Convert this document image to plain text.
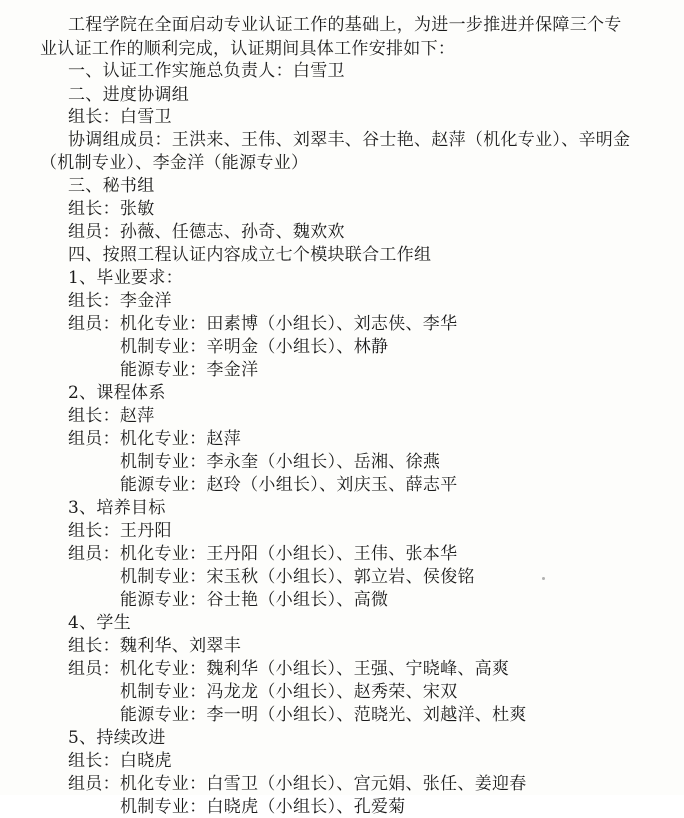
工程学院在全面启动专业认证工作的基础上，为进一步推进并保障三个专
业认证工作的顺利完成，认证期间具体工作安排如下：
一、认证工作实施总负责人：白雪卫
二、进度协调组
组长：白雪卫
协调组成员：王洪来、王伟、刘翠丰、谷士艳、赵萍（机化专业）、辛明金
（机制专业）、李金洋（能源专业）
三、秘书组
组长：张敏
组员：孙薇、任德志、孙奇、魏欢欢
四、按照工程认证内容成立七个模块联合工作组
1、毕业要求：
组长：李金洋
组员：机化专业：田素博（小组长）、刘志侠、李华
机制专业：辛明金（小组长）、林静
能源专业：李金洋
2、课程体系
组长：赵萍
组员：机化专业：赵萍
机制专业：李永奎（小组长）、岳湘、徐燕
能源专业：赵玲（小组长）、刘庆玉、薛志平
3、培养目标
组长：王丹阳
组员：机化专业：王丹阳（小组长）、王伟、张本华
机制专业：宋玉秋（小组长）、郭立岩、侯俊铭
能源专业：谷士艳（小组长）、高微
4、学生
组长：魏利华、刘翠丰
组员：机化专业：魏利华（小组长）、王强、宁晓峰、高爽
机制专业：冯龙龙（小组长）、赵秀荣、宋双
能源专业：李一明（小组长）、范晓光、刘越洋、杜爽
5、持续改进
组长：白晓虎
组员：机化专业：白雪卫（小组长）、宫元娟、张任、姜迎春
机制专业：白晓虎（小组长）、孔爱菊
